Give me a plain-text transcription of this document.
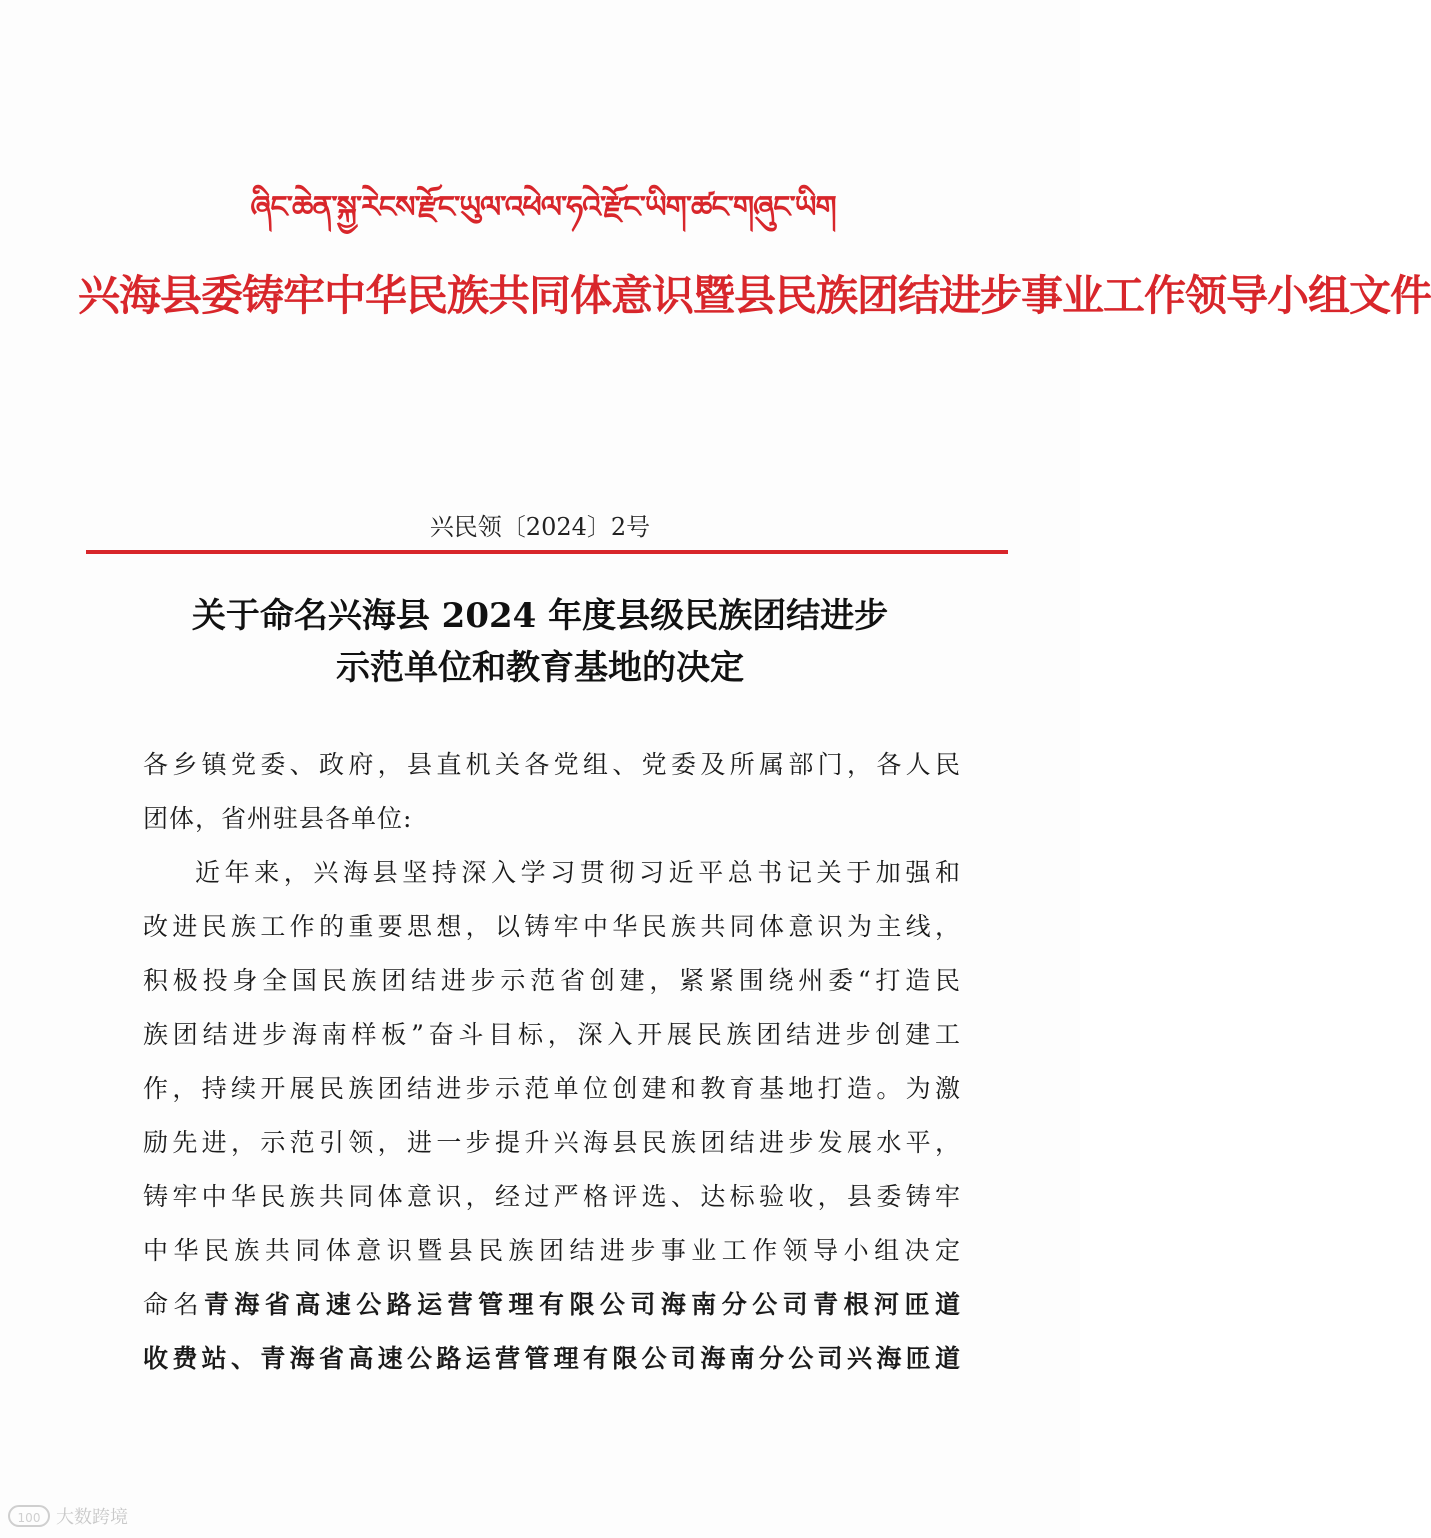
ཞིང་ཆེན་སྐྱ་རེངས་རྫོང་ཡུལ་འཕེལ་ཧའེ་རྫོང་ཡིག་ཚང་གཞུང་ཡིག
兴海县委铸牢中华民族共同体意识暨县民族团结进步事业工作领导小组文件
兴民领〔2024〕2号
关于命名兴海县 2024 年度县级民族团结进步
示范单位和教育基地的决定
各乡镇党委、政府，县直机关各党组、党委及所属部门，各人民
团体，省州驻县各单位:
近年来，兴海县坚持深入学习贯彻习近平总书记关于加强和
改进民族工作的重要思想，以铸牢中华民族共同体意识为主线，
积极投身全国民族团结进步示范省创建，紧紧围绕州委“打造民
族团结进步海南样板”奋斗目标，深入开展民族团结进步创建工
作，持续开展民族团结进步示范单位创建和教育基地打造。为激
励先进，示范引领，进一步提升兴海县民族团结进步发展水平，
铸牢中华民族共同体意识，经过严格评选、达标验收，县委铸牢
中华民族共同体意识暨县民族团结进步事业工作领导小组决定
命名青海省高速公路运营管理有限公司海南分公司青根河匝道
收费站、青海省高速公路运营管理有限公司海南分公司兴海匝道
100 大数跨境
